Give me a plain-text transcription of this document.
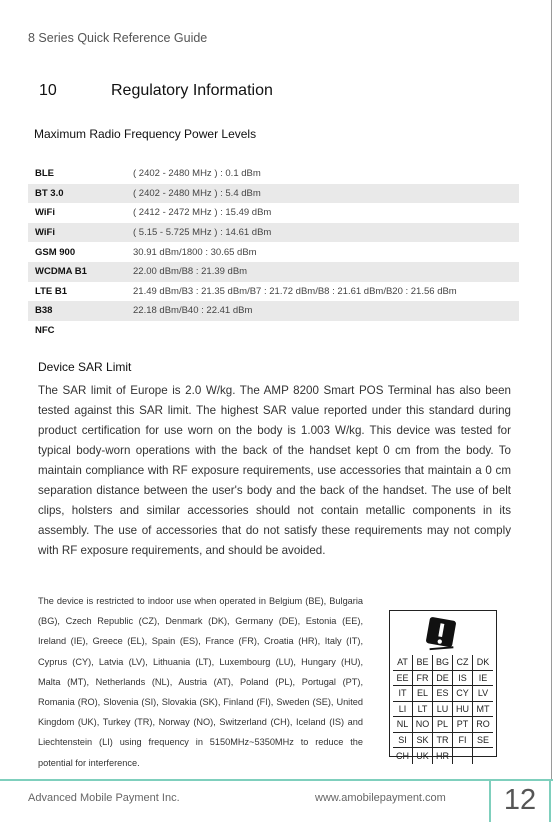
8 Series Quick Reference Guide
10	Regulatory Information
Maximum Radio Frequency Power Levels
BLE	( 2402 - 2480 MHz ) : 0.1 dBm
BT 3.0	( 2402 - 2480 MHz ) : 5.4 dBm
WiFi	( 2412 - 2472 MHz ) : 15.49 dBm
WiFi	( 5.15 - 5.725 MHz ) : 14.61 dBm
GSM 900	30.91 dBm/1800 : 30.65 dBm
WCDMA B1	22.00 dBm/B8 : 21.39 dBm
LTE B1	21.49 dBm/B3 : 21.35 dBm/B7 : 21.72 dBm/B8 : 21.61 dBm/B20 : 21.56 dBm
B38	22.18 dBm/B40 : 22.41 dBm
NFC
Device SAR Limit
The SAR limit of Europe is 2.0 W/kg. The AMP 8200 Smart POS Terminal has also been tested against this SAR limit. The highest SAR value reported under this standard during product certification for use worn on the body is 1.003 W/kg. This device was tested for typical body-worn operations with the back of the handset kept 0 cm from the body. To maintain compliance with RF exposure requirements, use accessories that maintain a 0 cm separation distance between the user's body and the back of the handset. The use of belt clips, holsters and similar accessories should not contain metallic components in its assembly. The use of accessories that do not satisfy these requirements may not comply with RF exposure requirements, and should be avoided.
The device is restricted to indoor use when operated in Belgium (BE), Bulgaria (BG), Czech Republic (CZ), Denmark (DK), Germany (DE), Estonia (EE), Ireland (IE), Greece (EL), Spain (ES), France (FR), Croatia (HR), Italy (IT), Cyprus (CY), Latvia (LV), Lithuania (LT), Luxembourg (LU), Hungary (HU), Malta (MT), Netherlands (NL), Austria (AT), Poland (PL), Portugal (PT), Romania (RO), Slovenia (SI), Slovakia (SK), Finland (FI), Sweden (SE), United Kingdom (UK), Turkey (TR), Norway (NO), Switzerland (CH), Iceland (IS) and Liechtenstein (LI) using frequency in 5150MHz~5350MHz to reduce the potential for interference.
AT BE BG CZ DK
EE FR DE	IS	IE
IT	EL ES CY	LV
LI	LT	LU HU MT
NL NO PL PT RO
SI	SK TR	FI	SE
CH UK HR
Advanced Mobile Payment Inc.	www.amobilepayment.com	12
